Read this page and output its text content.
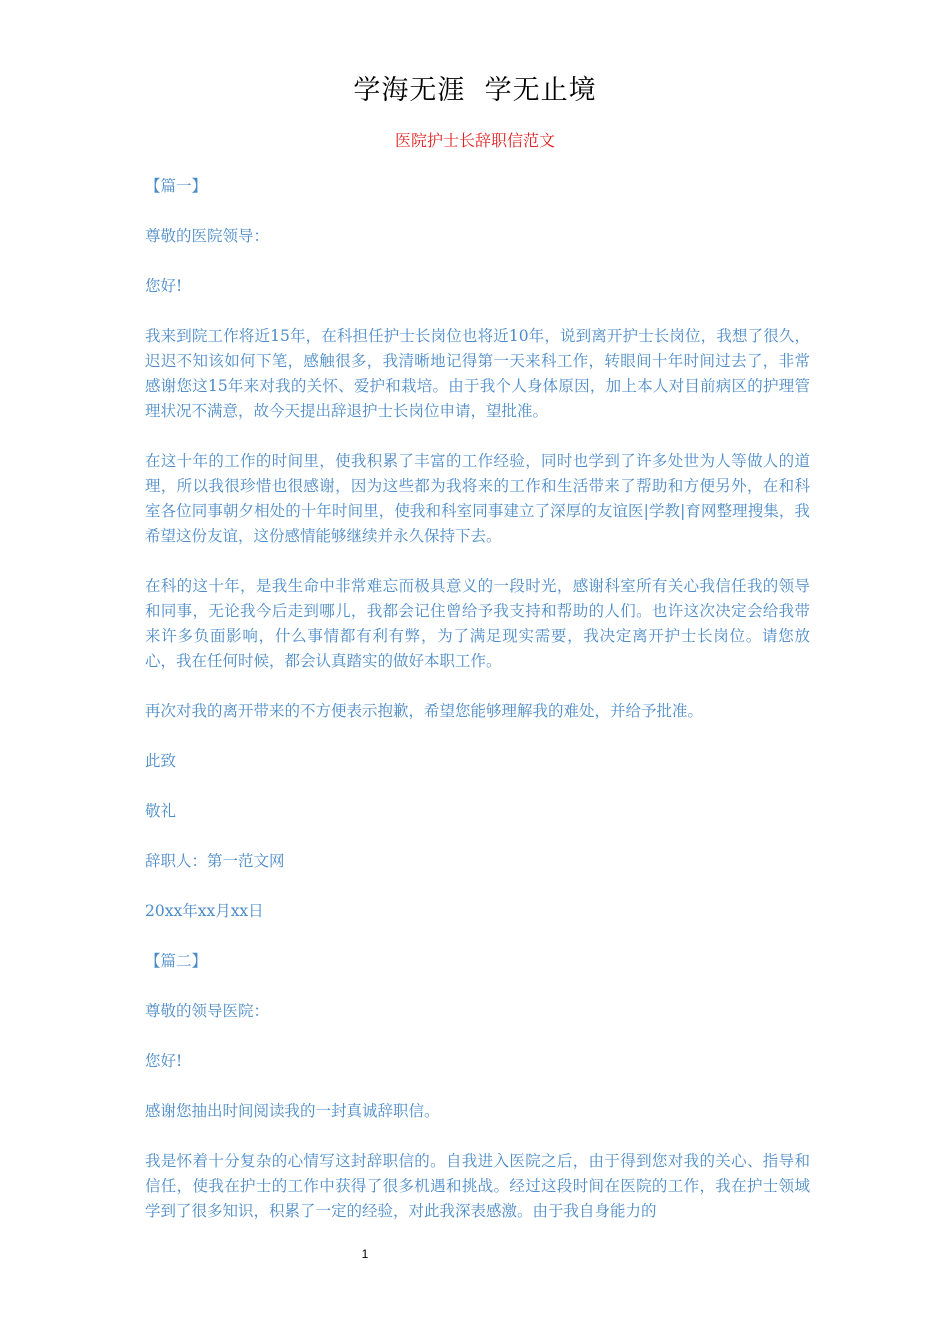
学海无涯  学无止境
医院护士长辞职信范文

【篇一】

尊敬的医院领导：

您好!

我来到院工作将近15年，在科担任护士长岗位也将近10年，说到离开护士长岗位，我想了很久，迟迟不知该如何下笔，感触很多，我清晰地记得第一天来科工作，转眼间十年时间过去了，非常感谢您这15年来对我的关怀、爱护和栽培。由于我个人身体原因，加上本人对目前病区的护理管理状况不满意，故今天提出辞退护士长岗位申请，望批准。

在这十年的工作的时间里，使我积累了丰富的工作经验，同时也学到了许多处世为人等做人的道理，所以我很珍惜也很感谢，因为这些都为我将来的工作和生活带来了帮助和方便另外，在和科室各位同事朝夕相处的十年时间里，使我和科室同事建立了深厚的友谊医|学教|育网整理搜集，我希望这份友谊，这份感情能够继续并永久保持下去。

在科的这十年，是我生命中非常难忘而极具意义的一段时光，感谢科室所有关心我信任我的领导和同事，无论我今后走到哪儿，我都会记住曾给予我支持和帮助的人们。也许这次决定会给我带来许多负面影响，什么事情都有利有弊，为了满足现实需要，我决定离开护士长岗位。请您放心，我在任何时候，都会认真踏实的做好本职工作。

再次对我的离开带来的不方便表示抱歉，希望您能够理解我的难处，并给予批准。

此致

敬礼

辞职人：第一范文网

20xx年xx月xx日

【篇二】

尊敬的领导医院：

您好!

感谢您抽出时间阅读我的一封真诚辞职信。

我是怀着十分复杂的心情写这封辞职信的。自我进入医院之后，由于得到您对我的关心、指导和信任，使我在护士的工作中获得了很多机遇和挑战。经过这段时间在医院的工作，我在护士领域学到了很多知识，积累了一定的经验，对此我深表感激。由于我自身能力的

1
